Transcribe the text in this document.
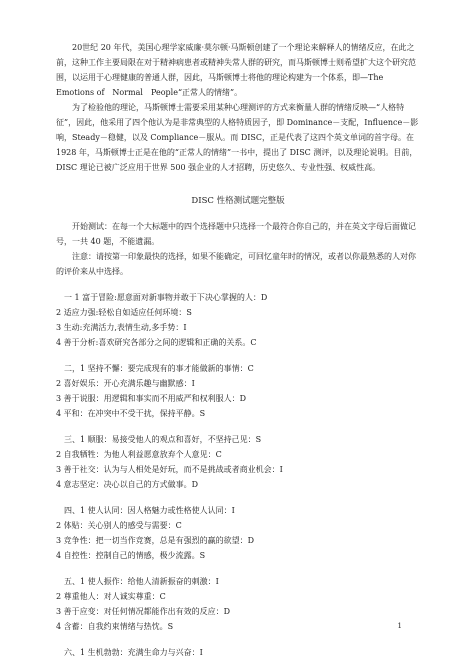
20世纪 20 年代，美国心理学家威廉·莫尔顿·马斯顿创建了一个理论来解释人的情绪反应，在此之前，这种工作主要局限在对于精神病患者或精神失常人群的研究，而马斯顿博士则希望扩大这个研究范围，以运用于心理健康的普通人群，因此，马斯顿博士将他的理论构建为一个体系，即—The　Emotions of　Normal　People“正常人的情绪”。

为了检验他的理论，马斯顿博士需要采用某种心理测评的方式来衡量人群的情绪反映—“人格特征”，因此，他采用了四个他认为是非常典型的人格特质因子，即 Dominance－支配，Influence－影响，Steady－稳健，以及 Compliance－服从。而 DISC，正是代表了这四个英文单词的首字母。在 1928 年，马斯顿博士正是在他的“正常人的情绪”一书中，提出了 DISC 测评，以及理论说明。目前，DISC 理论已被广泛应用于世界 500 强企业的人才招聘，历史悠久、专业性强、权威性高。

DISC 性格测试题完整版

开始测试：在每一个大标题中的四个选择题中只选择一个最符合你自己的，并在英文字母后面做记号，一共 40 题，不能遗漏。

注意：请按第一印象最快的选择，如果不能确定，可回忆童年时的情况，或者以你最熟悉的人对你的评价来从中选择。

一 1 富于冒险:愿意面对新事物并敢于下决心掌握的人：D

2 适应力强:轻松自如适应任何环境：S

3 生动:充满活力,表情生动,多手势：I

4 善于分析:喜欢研究各部分之间的逻辑和正确的关系。C

二，1 坚持不懈：要完成现有的事才能做新的事情：C

2 喜好娱乐：开心充满乐趣与幽默感：I

3 善于说服：用逻辑和事实而不用威严和权利服人：D

4 平和：在冲突中不受干扰，保持平静。S

三、1 顺服：易接受他人的观点和喜好，不坚持己见：S

2 自我牺牲：为他人利益愿意放弃个人意见：C

3 善于社交：认为与人相处是好玩，而不是挑战或者商业机会：I

4 意志坚定：决心以自己的方式做事。D

四、1 使人认同：因人格魅力或性格使人认同：I

2 体贴：关心别人的感受与需要：C

3 竞争性：把一切当作竞赛，总是有强烈的赢的欲望：D

4 自控性：控制自己的情感，极少流露。S

五、1 使人振作：给他人清新振奋的刺激：I

2 尊重他人：对人诚实尊重：C

3 善于应变：对任何情况都能作出有效的反应：D

4 含蓄：自我约束情绪与热忱。S

六、1 生机勃勃：充满生命力与兴奋：I

1
